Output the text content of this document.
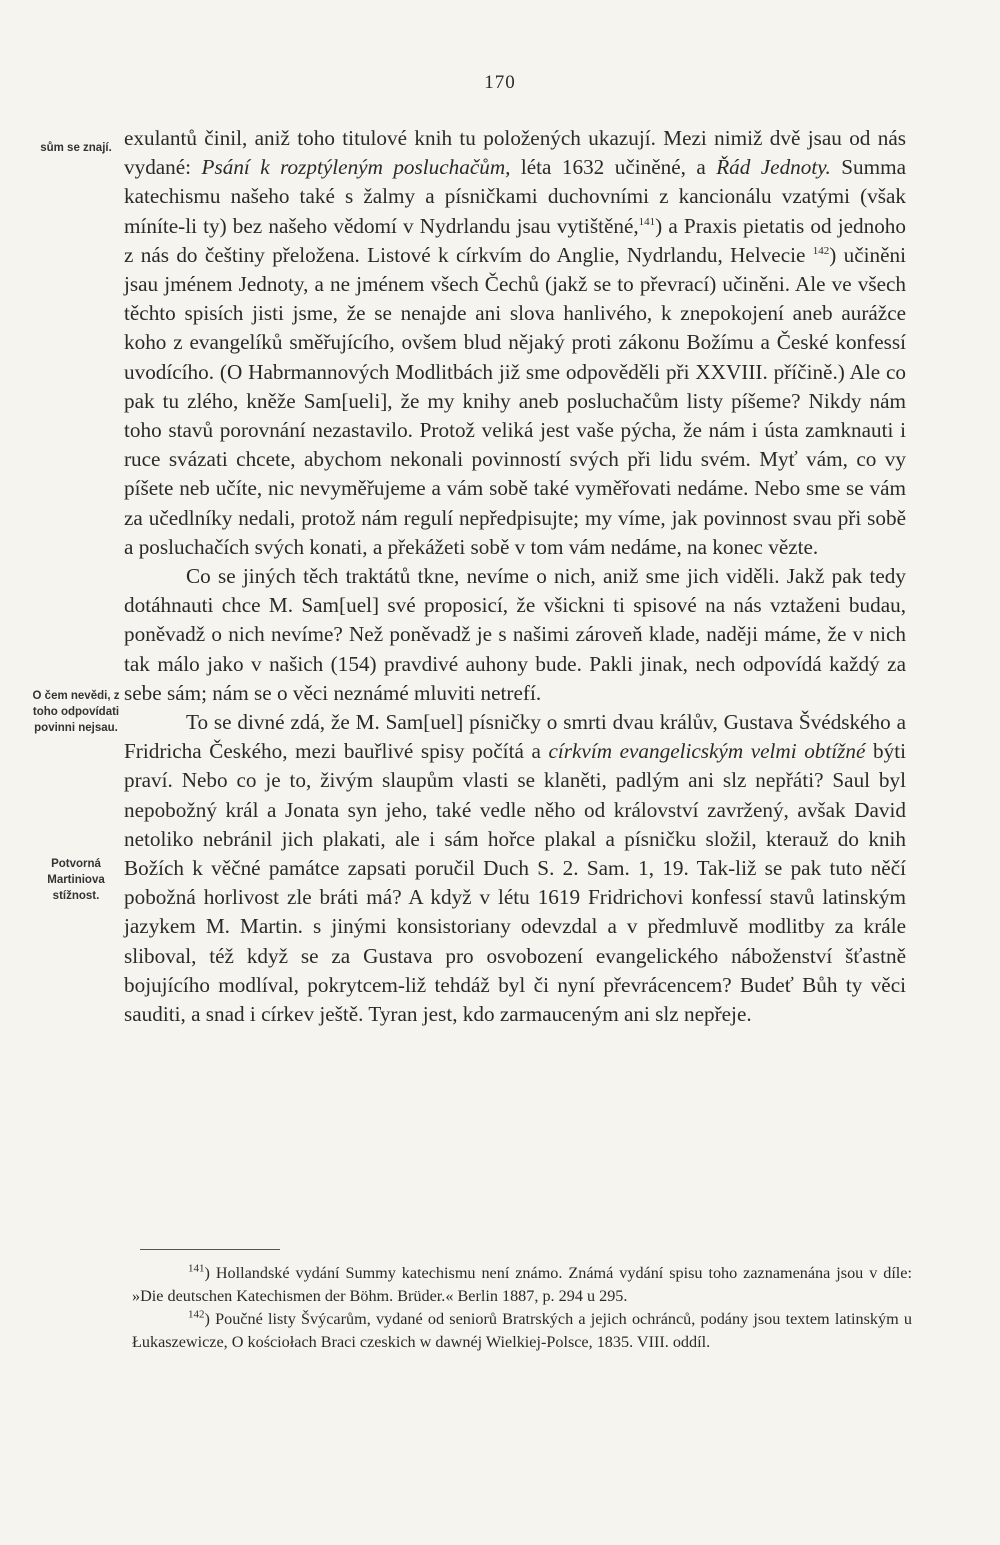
170
sům se znají.
O čem nevědi, z toho odpovídati povinni nejsau.
Potvorná Martiniova stížnost.

exulantů činil, aniž toho titulové knih tu položených ukazují. Mezi nimiž dvě jsau od nás vydané: Psání k rozptýleným posluchačům, léta 1632 učiněné, a Řád Jednoty. Summa katechismu našeho také s žalmy a písničkami duchovními z kancionálu vzatými (však míníte-li ty) bez našeho vědomí v Nydrlandu jsau vytištěné,$^{141}$) a Praxis pietatis od jednoho z nás do češtiny přeložena. Listové k církvím do Anglie, Nydrlandu, Helvecie $^{142}$) učiněni jsau jménem Jednoty, a ne jménem všech Čechů (jakž se to převrací) učiněni. Ale ve všech těchto spisích jisti jsme, že se nenajde ani slova hanlivého, k znepokojení aneb aurážce koho z evangelíků směřujícího, ovšem blud nějaký proti zákonu Božímu a České konfessí uvodícího. (O Habrmannových Modlitbách již sme odpověděli při XXVIII. příčině.) Ale co pak tu zlého, kněže Sam[ueli], že my knihy aneb posluchačům listy píšeme? Nikdy nám toho stavů porovnání nezastavilo. Protož veliká jest vaše pýcha, že nám i ústa zamknauti i ruce svázati chcete, abychom nekonali povinností svých při lidu svém. Myť vám, co vy píšete neb učíte, nic nevyměřujeme a vám sobě také vyměřovati nedáme. Nebo sme se vám za učedlníky nedali, protož nám regulí nepředpisujte; my víme, jak povinnost svau při sobě a posluchačích svých konati, a překážeti sobě v tom vám nedáme, na konec vězte.

Co se jiných těch traktátů tkne, nevíme o nich, aniž sme jich viděli. Jakž pak tedy dotáhnauti chce M. Sam[uel] své proposicí, že všickni ti spisové na nás vztaženi budau, poněvadž o nich nevíme? Než poněvadž je s našimi zároveň klade, naději máme, že v nich tak málo jako v našich (154) pravdivé auhony bude. Pakli jinak, nech odpovídá každý za sebe sám; nám se o věci neznámé mluviti netrefí.

To se divné zdá, že M. Sam[uel] písničky o smrti dvau králův, Gustava Švédského a Fridricha Českého, mezi bauřlivé spisy počítá a církvím evangelicským velmi obtížné býti praví. Nebo co je to, živým slaupům vlasti se klaněti, padlým ani slz nepřáti? Saul byl nepobožný král a Jonata syn jeho, také vedle něho od království zavržený, avšak David netoliko nebránil jich plakati, ale i sám hořce plakal a písničku složil, kterauž do knih Božích k věčné památce zapsati poručil Duch S. 2. Sam. 1, 19. Tak-liž se pak tuto něčí pobožná horlivost zle bráti má? A když v létu 1619 Fridrichovi konfessí stavů latinským jazykem M. Martin. s jinými konsistoriany odevzdal a v předmluvě modlitby za krále sliboval, též když se za Gustava pro osvobození evangelického náboženství šťastně bojujícího modlíval, pokrytcem-liž tehdáž byl či nyní převrácencem? Budeť Bůh ty věci sauditi, a snad i církev ještě. Tyran jest, kdo zarmauceným ani slz nepřeje.

$^{141}$) Hollandské vydání Summy katechismu není známo. Známá vydání spisu toho zaznamenána jsou v díle: »Die deutschen Katechismen der Böhm. Brüder.« Berlin 1887, p. 294 u 295.

$^{142}$) Poučné listy Švýcarům, vydané od seniorů Bratrských a jejich ochránců, podány jsou textem latinským u Łukaszewicze, O kościołach Braci czeskich w dawnéj Wielkiej-Polsce, 1835. VIII. oddíl.
